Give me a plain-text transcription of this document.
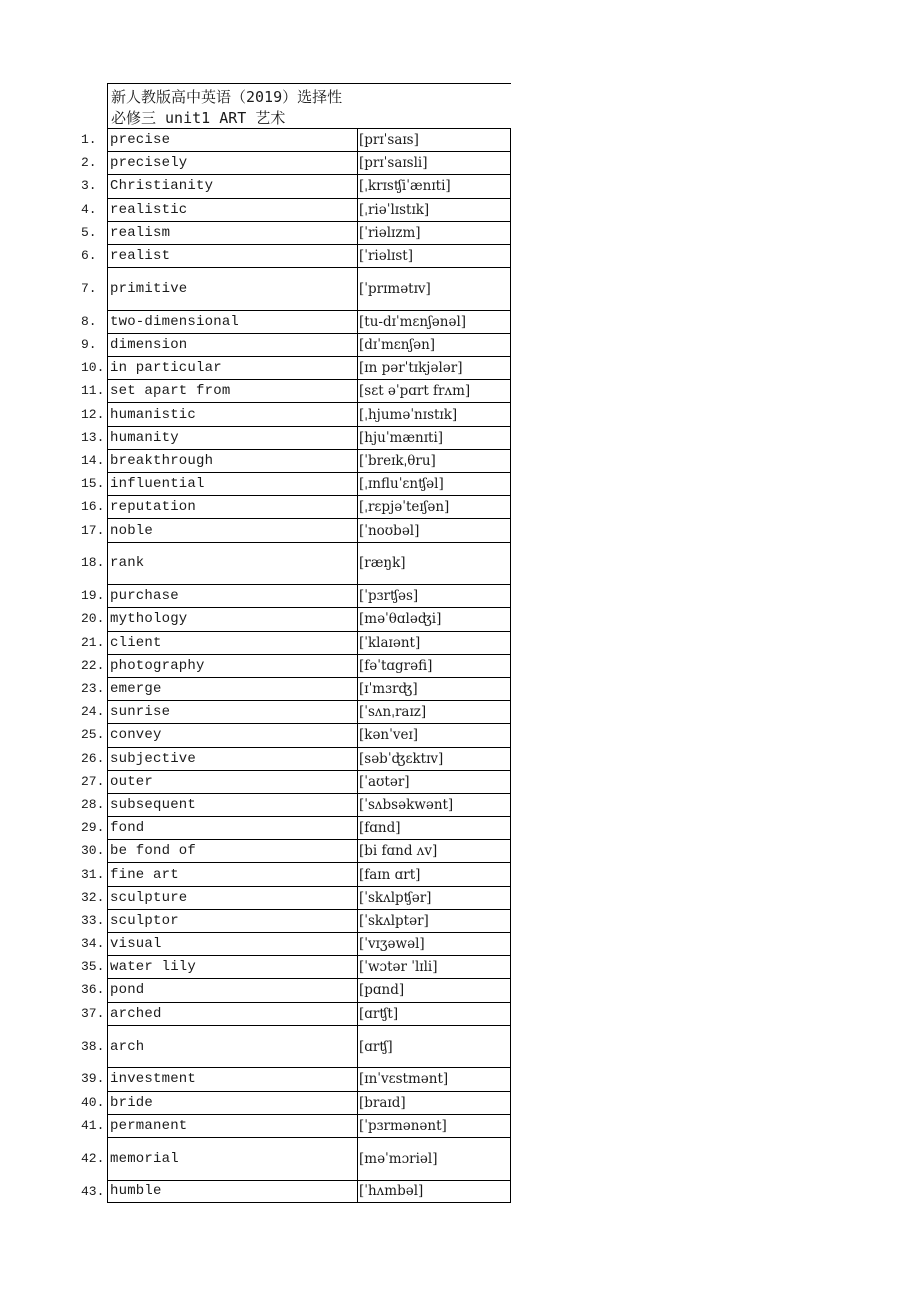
新人教版高中英语（2019）选择性
必修三 unit1 ART 艺术
1. precise	[prɪˈsaɪs]
2. precisely	[prɪˈsaɪsli]
3. Christianity	[ˌkrɪsʧiˈænɪti]
4. realistic	[ˌriəˈlɪstɪk]
5. realism	[ˈriəlɪzm]
6. realist	[ˈriəlɪst]
7. primitive	[ˈprɪmətɪv]
8. two-dimensional	[tu-dɪˈmɛnʃənəl]
9. dimension	[dɪˈmɛnʃən]
10. in particular	[ɪn pərˈtɪkjələr]
11. set apart from	[sɛt əˈpɑrt frʌm]
12. humanistic	[ˌhjuməˈnɪstɪk]
13. humanity	[hjuˈmænɪti]
14. breakthrough	[ˈbreɪkˌθru]
15. influential	[ˌɪnfluˈɛnʧəl]
16. reputation	[ˌrɛpjəˈteɪʃən]
17. noble	[ˈnoʊbəl]
18. rank	[ræŋk]
19. purchase	[ˈpɜrʧəs]
20. mythology	[məˈθɑləʤi]
21. client	[ˈklaɪənt]
22. photography	[fəˈtɑgrəfi]
23. emerge	[ɪˈmɜrʤ]
24. sunrise	[ˈsʌnˌraɪz]
25. convey	[kənˈveɪ]
26. subjective	[səbˈʤɛktɪv]
27. outer	[ˈaʊtər]
28. subsequent	[ˈsʌbsəkwənt]
29. fond	[fɑnd]
30. be fond of	[bi fɑnd ʌv]
31. fine art	[faɪn ɑrt]
32. sculpture	[ˈskʌlpʧər]
33. sculptor	[ˈskʌlptər]
34. visual	[ˈvɪʒəwəl]
35. water lily	[ˈwɔtər ˈlɪli]
36. pond	[pɑnd]
37. arched	[ɑrʧt]
38. arch	[ɑrʧ]
39. investment	[ɪnˈvɛstmənt]
40. bride	[braɪd]
41. permanent	[ˈpɜrmənənt]
42. memorial	[məˈmɔriəl]
43. humble	[ˈhʌmbəl]
